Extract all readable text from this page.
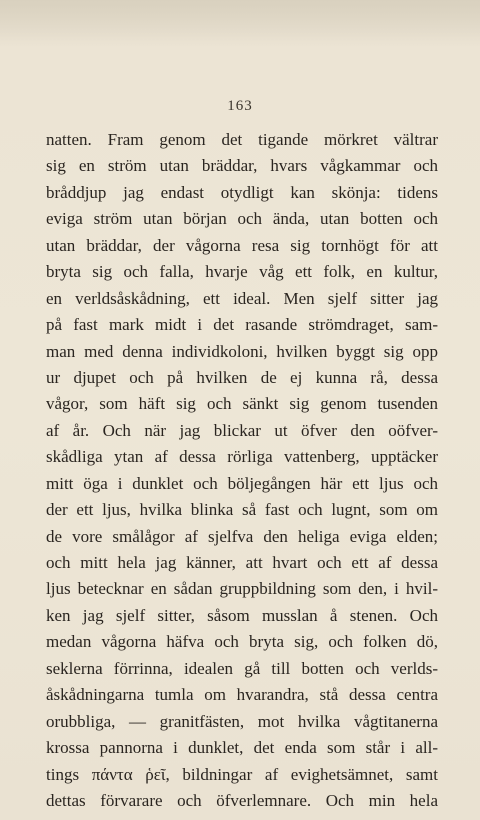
163
natten. Fram genom det tigande mörkret vältrar
sig en ström utan bräddar, hvars vågkammar och
bråddjup jag endast otydligt kan skönja: tidens
eviga ström utan början och ända, utan botten och
utan bräddar, der vågorna resa sig tornhögt för att
bryta sig och falla, hvarje våg ett folk, en kultur,
en verldsåskådning, ett ideal. Men sjelf sitter jag
på fast mark midt i det rasande strömdraget, sam-
man med denna individkoloni, hvilken byggt sig opp
ur djupet och på hvilken de ej kunna rå, dessa
vågor, som häft sig och sänkt sig genom tusenden
af år. Och när jag blickar ut öfver den oöfver-
skådliga ytan af dessa rörliga vattenberg, upptäcker
mitt öga i dunklet och böljegången här ett ljus och
der ett ljus, hvilka blinka så fast och lugnt, som om
de vore smålågor af sjelfva den heliga eviga elden;
och mitt hela jag känner, att hvart och ett af dessa
ljus betecknar en sådan gruppbildning som den, i hvil-
ken jag sjelf sitter, såsom musslan å stenen. Och
medan vågorna häfva och bryta sig, och folken dö,
seklerna förrinna, idealen gå till botten och verlds-
åskådningarna tumla om hvarandra, stå dessa centra
orubbliga, — granitfästen, mot hvilka vågtitanerna
krossa pannorna i dunklet, det enda som står i all-
tings πάντα ῥεῖ, bildningar af evighetsämnet, samt
dettas förvarare och öfverlemnare. Och min hela
